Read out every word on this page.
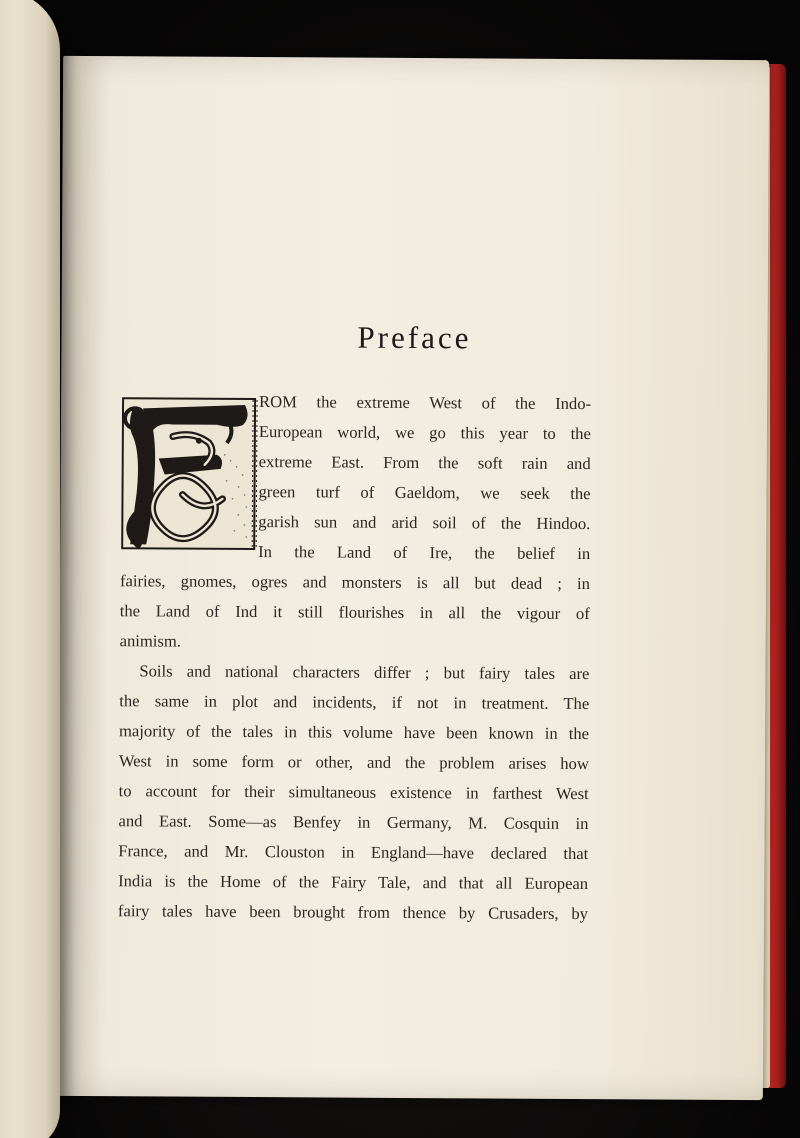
Preface
ROM the extreme West of the Indo-
European world, we go this year to the
extreme East. From the soft rain and
green turf of Gaeldom, we seek the
garish sun and arid soil of the Hindoo.
In the Land of Ire, the belief in
fairies, gnomes, ogres and monsters is all but dead ; in
the Land of Ind it still flourishes in all the vigour of
animism.
Soils and national characters differ ; but fairy tales are
the same in plot and incidents, if not in treatment. The
majority of the tales in this volume have been known in the
West in some form or other, and the problem arises how
to account for their simultaneous existence in farthest West
and East. Some—as Benfey in Germany, M. Cosquin in
France, and Mr. Clouston in England—have declared that
India is the Home of the Fairy Tale, and that all European
fairy tales have been brought from thence by Crusaders, by
